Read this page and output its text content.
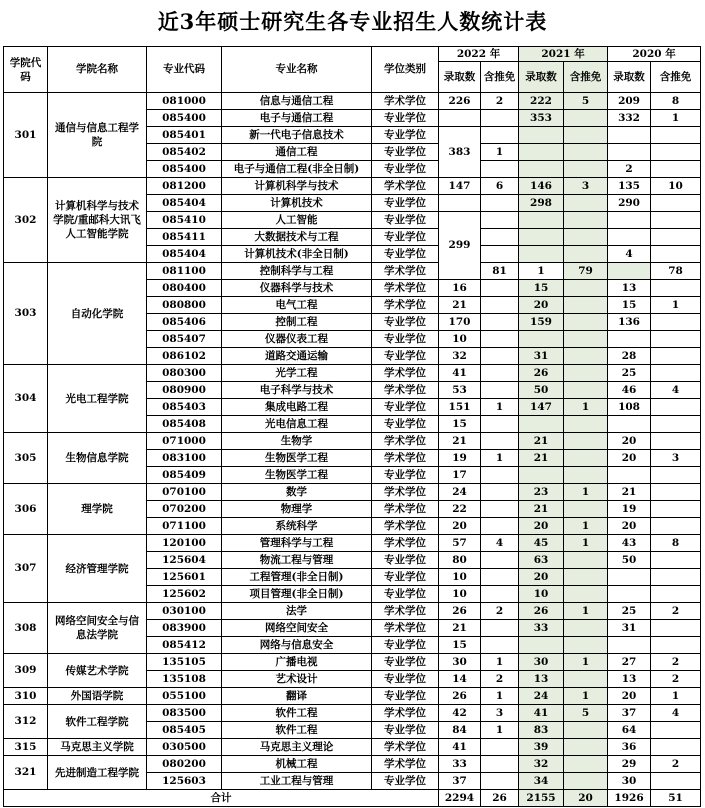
近3年硕士研究生各专业招生人数统计表
学院代码	学院名称	专业代码	专业名称	学位类别	2022 年		2021 年		2020 年		
					录取数	含推免	录取数	含推免	录取数	含推免	
301	通信与信息工程学院	081000	信息与通信工程	学术学位	226	2	222	5	209	8	
		085400	电子与通信工程	专业学位			353		332	1	
		085401	新一代电子信息技术	专业学位	383						
		085402	通信工程	专业学位		1					
		085400	电子与通信工程(非全日制)	专业学位					2		
302	计算机科学与技术学院/重邮科大讯飞人工智能学院	081200	计算机科学与技术	学术学位	147	6	146	3	135	10	
		085404	计算机技术	专业学位			298		290		
		085410	人工智能	专业学位	299						
		085411	大数据技术与工程	专业学位							
		085404	计算机技术(非全日制)	专业学位					4		
303	自动化学院	081100	控制科学与工程	学术学位		81	1	79		78	
		080400	仪器科学与技术	学术学位	16		15		13		
		080800	电气工程	学术学位	21		20		15	1	
		085406	控制工程	专业学位	170		159		136		
		085407	仪器仪表工程	专业学位	10						
		086102	道路交通运输	专业学位	32		31		28		
304	光电工程学院	080300	光学工程	学术学位	41		26		25		
		080900	电子科学与技术	学术学位	53		50		46	4	
		085403	集成电路工程	专业学位	151	1	147	1	108		
		085408	光电信息工程	专业学位	15						
305	生物信息学院	071000	生物学	学术学位	21		21		20		
		083100	生物医学工程	学术学位	19	1	21		20	3	
		085409	生物医学工程	专业学位	17						
306	理学院	070100	数学	学术学位	24		23	1	21		
		070200	物理学	学术学位	22		21		19		
		071100	系统科学	学术学位	20		20	1	20		
307	经济管理学院	120100	管理科学与工程	学术学位	57	4	45	1	43	8	
		125604	物流工程与管理	专业学位	80		63		50		
		125601	工程管理(非全日制)	专业学位	10		20				
		125602	项目管理(非全日制)	专业学位	10		10				
308	网络空间安全与信息法学院	030100	法学	学术学位	26	2	26	1	25	2	
		083900	网络空间安全	学术学位	21		33		31		
		085412	网络与信息安全	专业学位	15						
309	传媒艺术学院	135105	广播电视	专业学位	30	1	30	1	27	2	
		135108	艺术设计	专业学位	14	2	13		13	2	
310	外国语学院	055100	翻译	专业学位	26	1	24	1	20	1	
312	软件工程学院	083500	软件工程	学术学位	42	3	41	5	37	4	
		085405	软件工程	专业学位	84	1	83		64		
315	马克思主义学院	030500	马克思主义理论	学术学位	41		39		36		
321	先进制造工程学院	080200	机械工程	学术学位	33		32		29	2	
		125603	工业工程与管理	专业学位	37		34		30		
合计					2294	26	2155	20	1926	51	
